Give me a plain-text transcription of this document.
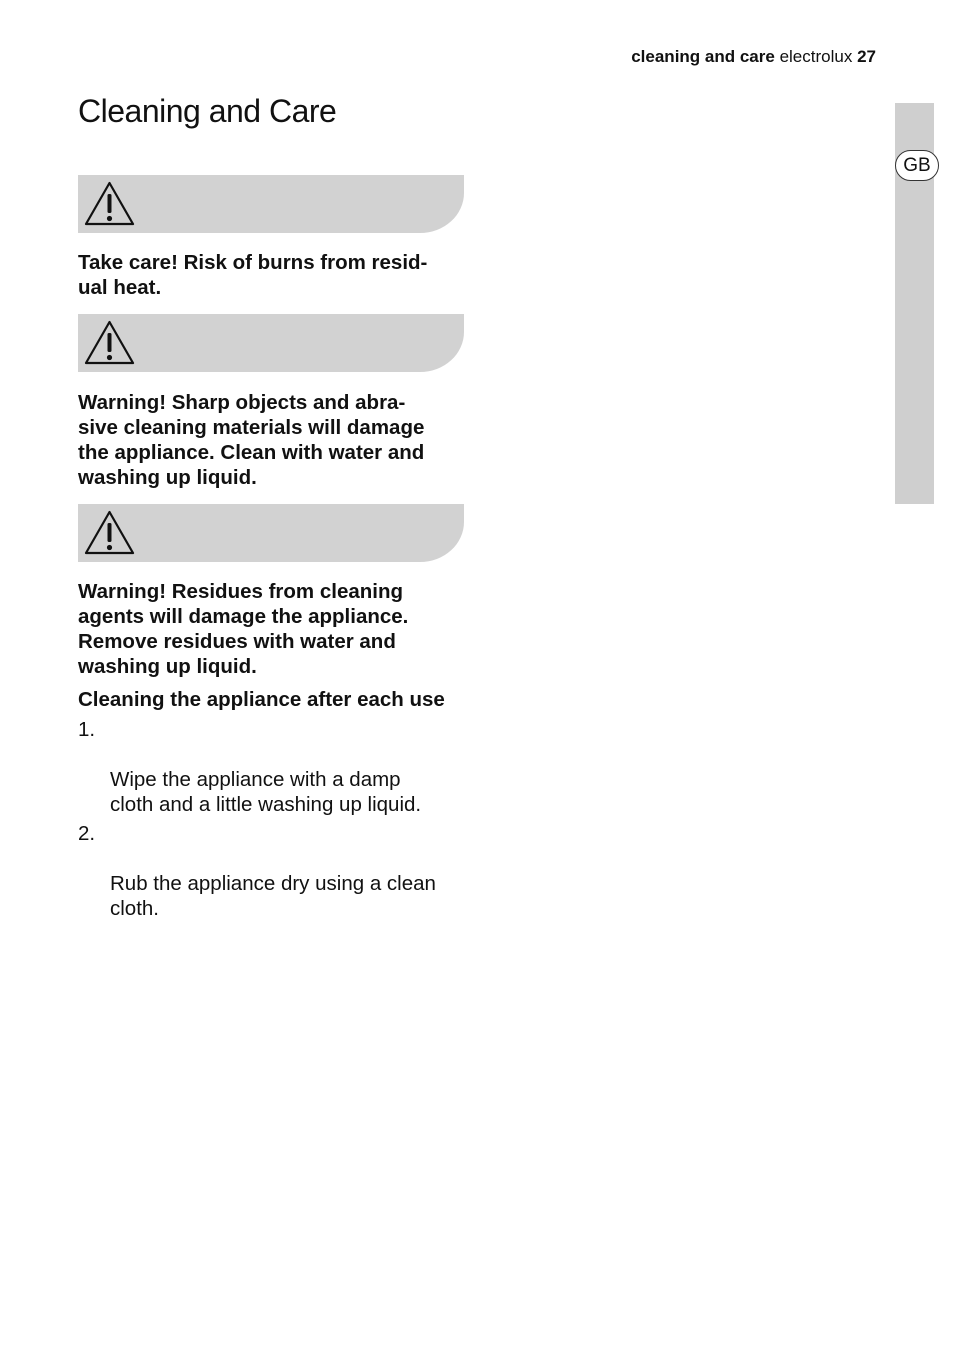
cleaning and care electrolux 27
Cleaning and Care
GB

Take care! Risk of burns from resid-
ual heat.

Warning! Sharp objects and abra-
sive cleaning materials will damage
the appliance. Clean with water and
washing up liquid.

Warning! Residues from cleaning
agents will damage the appliance.
Remove residues with water and
washing up liquid.

Cleaning the appliance after each use

1.

Wipe the appliance with a damp
cloth and a little washing up liquid.

2.

Rub the appliance dry using a clean
cloth.
